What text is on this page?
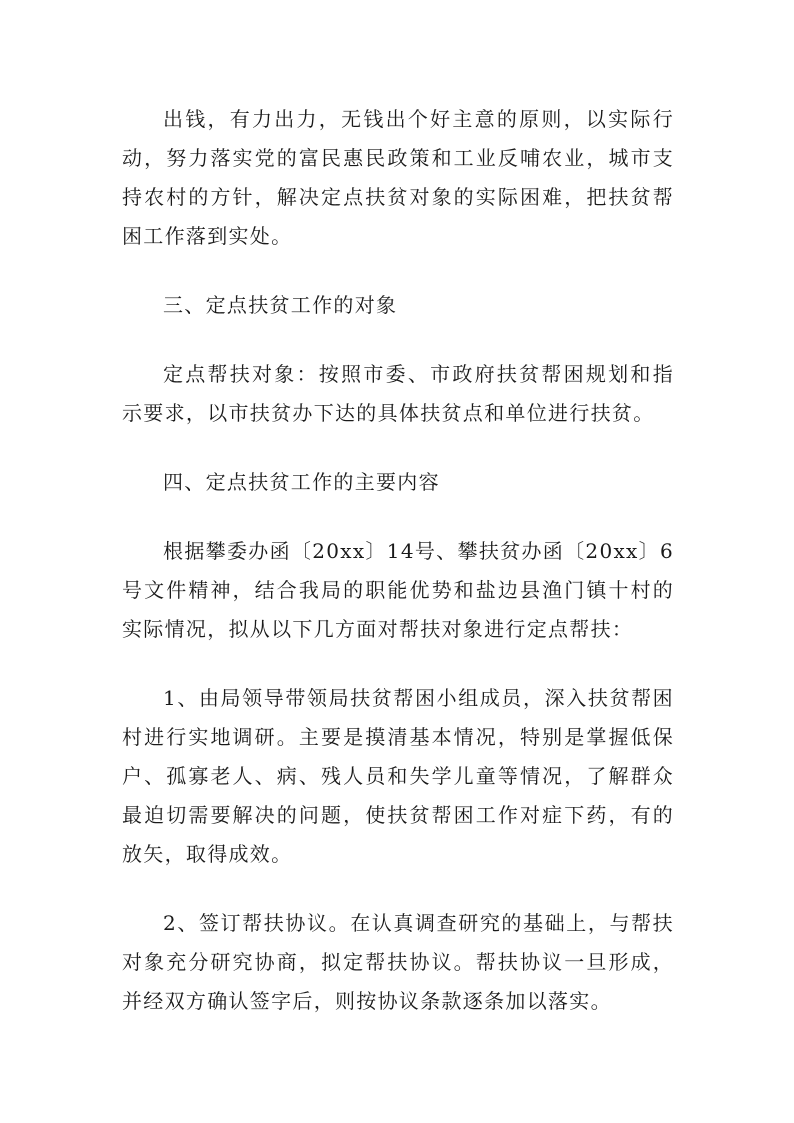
出钱，有力出力，无钱出个好主意的原则，以实际行动，努力落实党的富民惠民政策和工业反哺农业，城市支持农村的方针，解决定点扶贫对象的实际困难，把扶贫帮困工作落到实处。

三、定点扶贫工作的对象

定点帮扶对象：按照市委、市政府扶贫帮困规划和指示要求，以市扶贫办下达的具体扶贫点和单位进行扶贫。

四、定点扶贫工作的主要内容

根据攀委办函〔20xx〕14号、攀扶贫办函〔20xx〕6号文件精神，结合我局的职能优势和盐边县渔门镇十村的实际情况，拟从以下几方面对帮扶对象进行定点帮扶：

1、由局领导带领局扶贫帮困小组成员，深入扶贫帮困村进行实地调研。主要是摸清基本情况，特别是掌握低保户、孤寡老人、病、残人员和失学儿童等情况，了解群众最迫切需要解决的问题，使扶贫帮困工作对症下药，有的放矢，取得成效。

2、签订帮扶协议。在认真调查研究的基础上，与帮扶对象充分研究协商，拟定帮扶协议。帮扶协议一旦形成，并经双方确认签字后，则按协议条款逐条加以落实。
